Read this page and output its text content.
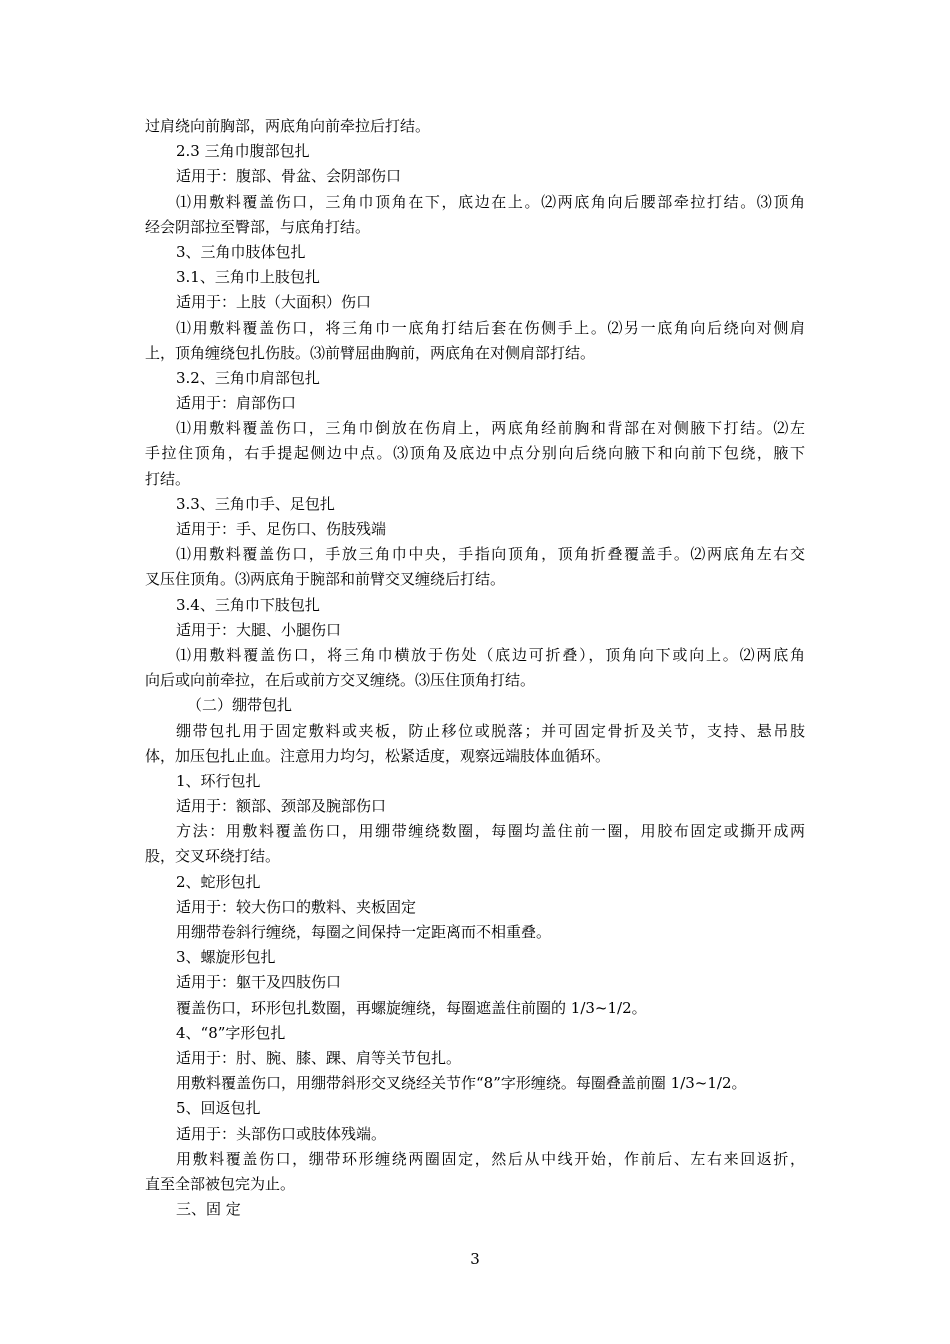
过肩绕向前胸部，两底角向前牵拉后打结。
2.3 三角巾腹部包扎
适用于：腹部、骨盆、会阴部伤口
⑴用敷料覆盖伤口，三角巾顶角在下，底边在上。⑵两底角向后腰部牵拉打结。⑶顶角
经会阴部拉至臀部，与底角打结。
3、三角巾肢体包扎
3.1、三角巾上肢包扎
适用于：上肢（大面积）伤口
⑴用敷料覆盖伤口，将三角巾一底角打结后套在伤侧手上。⑵另一底角向后绕向对侧肩
上，顶角缠绕包扎伤肢。⑶前臂屈曲胸前，两底角在对侧肩部打结。
3.2、三角巾肩部包扎
适用于：肩部伤口
⑴用敷料覆盖伤口，三角巾倒放在伤肩上，两底角经前胸和背部在对侧腋下打结。⑵左
手拉住顶角，右手提起侧边中点。⑶顶角及底边中点分别向后绕向腋下和向前下包绕，腋下
打结。
3.3、三角巾手、足包扎
适用于：手、足伤口、伤肢残端
⑴用敷料覆盖伤口，手放三角巾中央，手指向顶角，顶角折叠覆盖手。⑵两底角左右交
叉压住顶角。⑶两底角于腕部和前臂交叉缠绕后打结。
3.4、三角巾下肢包扎
适用于：大腿、小腿伤口
⑴用敷料覆盖伤口，将三角巾横放于伤处（底边可折叠），顶角向下或向上。⑵两底角
向后或向前牵拉，在后或前方交叉缠绕。⑶压住顶角打结。
（二）绷带包扎
绷带包扎用于固定敷料或夹板，防止移位或脱落；并可固定骨折及关节，支持、悬吊肢
体，加压包扎止血。注意用力均匀，松紧适度，观察远端肢体血循环。
1、环行包扎
适用于：额部、颈部及腕部伤口
方法：用敷料覆盖伤口，用绷带缠绕数圈，每圈均盖住前一圈，用胶布固定或撕开成两
股，交叉环绕打结。
2、蛇形包扎
适用于：较大伤口的敷料、夹板固定
用绷带卷斜行缠绕，每圈之间保持一定距离而不相重叠。
3、螺旋形包扎
适用于：躯干及四肢伤口
覆盖伤口，环形包扎数圈，再螺旋缠绕，每圈遮盖住前圈的 1/3~1/2。
4、“8”字形包扎
适用于：肘、腕、膝、踝、肩等关节包扎。
用敷料覆盖伤口，用绷带斜形交叉绕经关节作“8”字形缠绕。每圈叠盖前圈 1/3~1/2。
5、回返包扎
适用于：头部伤口或肢体残端。
用敷料覆盖伤口，绷带环形缠绕两圈固定，然后从中线开始，作前后、左右来回返折，
直至全部被包完为止。
三、固 定
3
